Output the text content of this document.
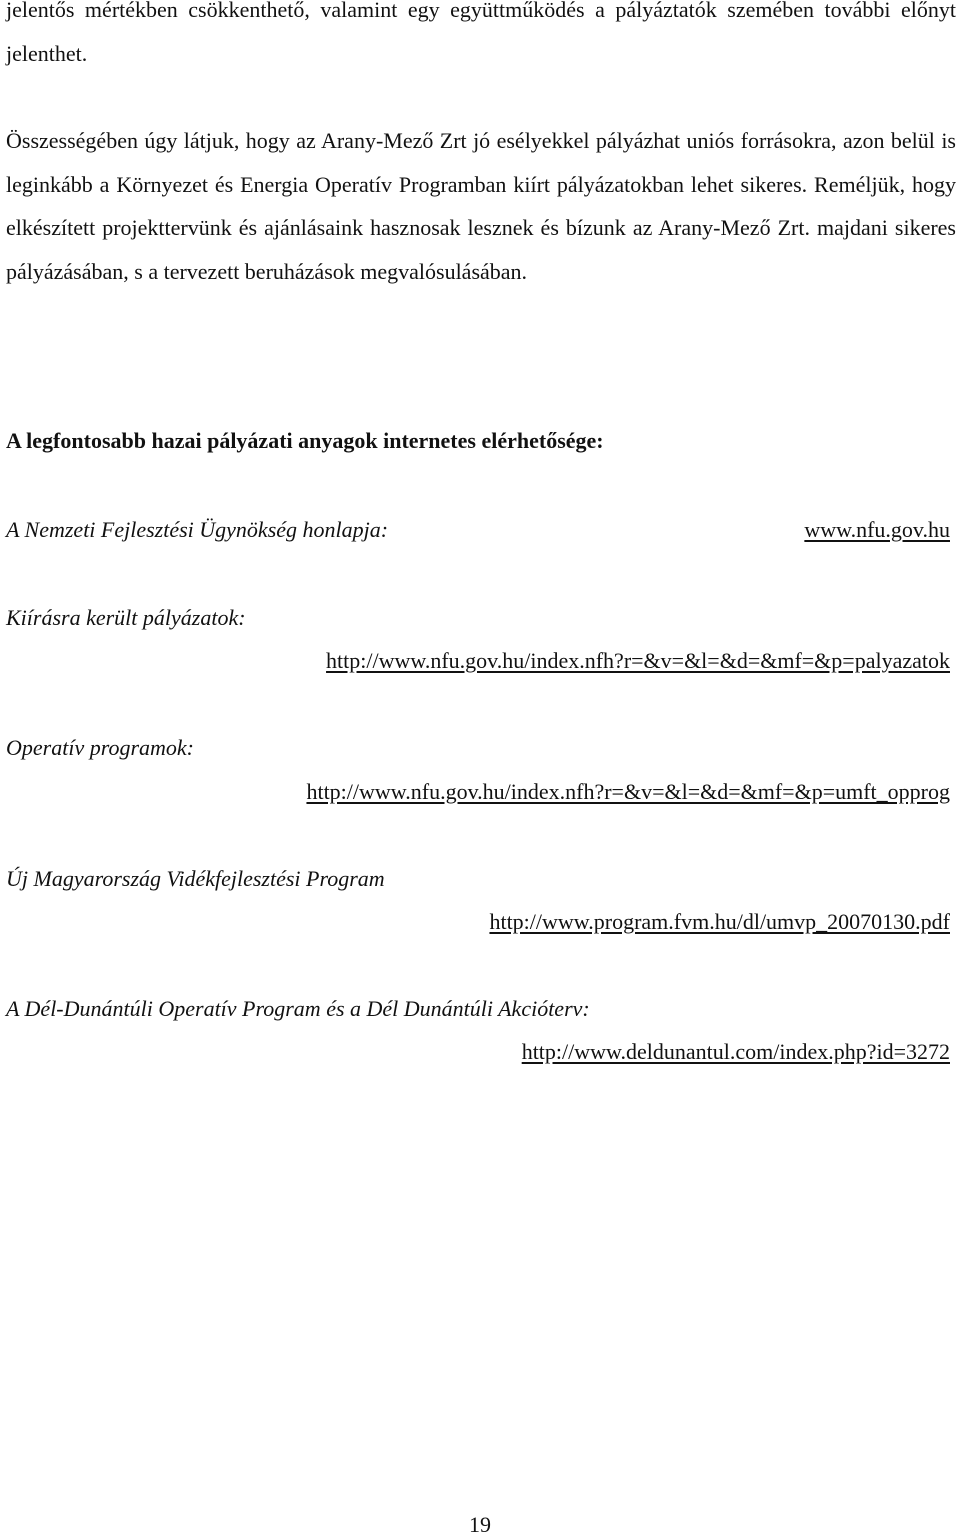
jelentős mértékben csökkenthető, valamint egy együttműködés a pályáztatók szemében további előnyt jelenthet.

Összességében úgy látjuk, hogy az Arany-Mező Zrt jó esélyekkel pályázhat uniós forrásokra, azon belül is leginkább a Környezet és Energia Operatív Programban kiírt pályázatokban lehet sikeres. Reméljük, hogy elkészített projekttervünk és ajánlásaink hasznosak lesznek és bízunk az Arany-Mező Zrt. majdani sikeres pályázásában, s a tervezett beruházások megvalósulásában.

A legfontosabb hazai pályázati anyagok internetes elérhetősége:

A Nemzeti Fejlesztési Ügynökség honlapja:	www.nfu.gov.hu

Kiírásra került pályázatok:

http://www.nfu.gov.hu/index.nfh?r=&v=&l=&d=&mf=&p=palyazatok

Operatív programok:

http://www.nfu.gov.hu/index.nfh?r=&v=&l=&d=&mf=&p=umft_opprog

Új Magyarország Vidékfejlesztési Program

http://www.program.fvm.hu/dl/umvp_20070130.pdf

A Dél-Dunántúli Operatív Program és a Dél Dunántúli Akcióterv:

http://www.deldunantul.com/index.php?id=3272
19
